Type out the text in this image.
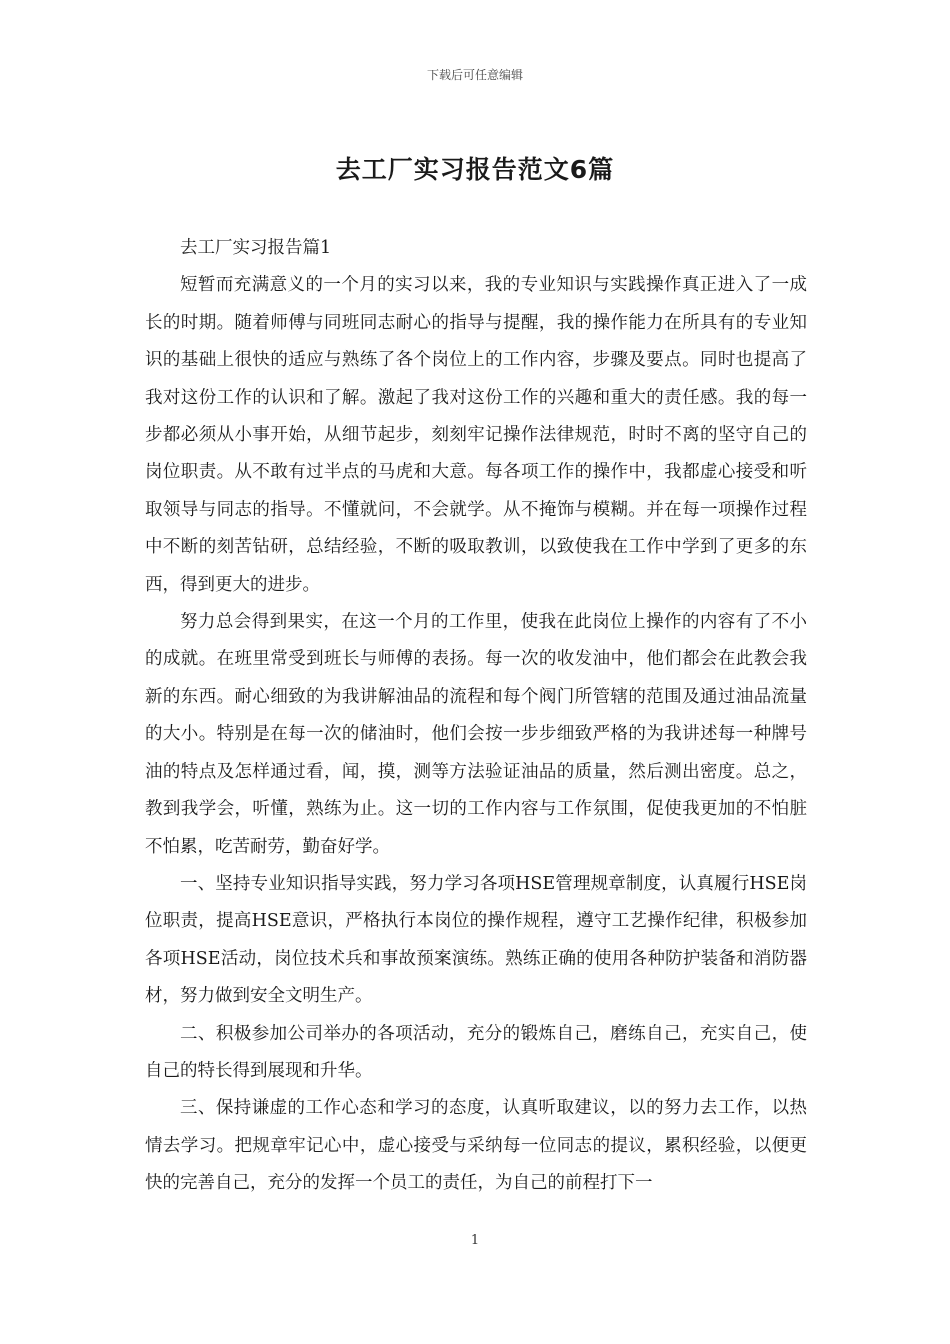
下载后可任意编辑
去工厂实习报告范文6篇

去工厂实习报告篇1

短暂而充满意义的一个月的实习以来，我的专业知识与实践操作真正进入了一成长的时期。随着师傅与同班同志耐心的指导与提醒，我的操作能力在所具有的专业知识的基础上很快的适应与熟练了各个岗位上的工作内容，步骤及要点。同时也提高了我对这份工作的认识和了解。激起了我对这份工作的兴趣和重大的责任感。我的每一步都必须从小事开始，从细节起步，刻刻牢记操作法律规范，时时不离的坚守自己的岗位职责。从不敢有过半点的马虎和大意。每各项工作的操作中，我都虚心接受和听取领导与同志的指导。不懂就问，不会就学。从不掩饰与模糊。并在每一项操作过程中不断的刻苦钻研，总结经验，不断的吸取教训，以致使我在工作中学到了更多的东西，得到更大的进步。

努力总会得到果实，在这一个月的工作里，使我在此岗位上操作的内容有了不小的成就。在班里常受到班长与师傅的表扬。每一次的收发油中，他们都会在此教会我新的东西。耐心细致的为我讲解油品的流程和每个阀门所管辖的范围及通过油品流量的大小。特别是在每一次的储油时，他们会按一步步细致严格的为我讲述每一种牌号油的特点及怎样通过看，闻，摸，测等方法验证油品的质量，然后测出密度。总之，教到我学会，听懂，熟练为止。这一切的工作内容与工作氛围，促使我更加的不怕脏不怕累，吃苦耐劳，勤奋好学。

一、坚持专业知识指导实践，努力学习各项HSE管理规章制度，认真履行HSE岗位职责，提高HSE意识，严格执行本岗位的操作规程，遵守工艺操作纪律，积极参加各项HSE活动，岗位技术兵和事故预案演练。熟练正确的使用各种防护装备和消防器材，努力做到安全文明生产。

二、积极参加公司举办的各项活动，充分的锻炼自己，磨练自己，充实自己，使自己的特长得到展现和升华。

三、保持谦虚的工作心态和学习的态度，认真听取建议，以的努力去工作，以热情去学习。把规章牢记心中，虚心接受与采纳每一位同志的提议，累积经验，以便更快的完善自己，充分的发挥一个员工的责任，为自己的前程打下一

1
